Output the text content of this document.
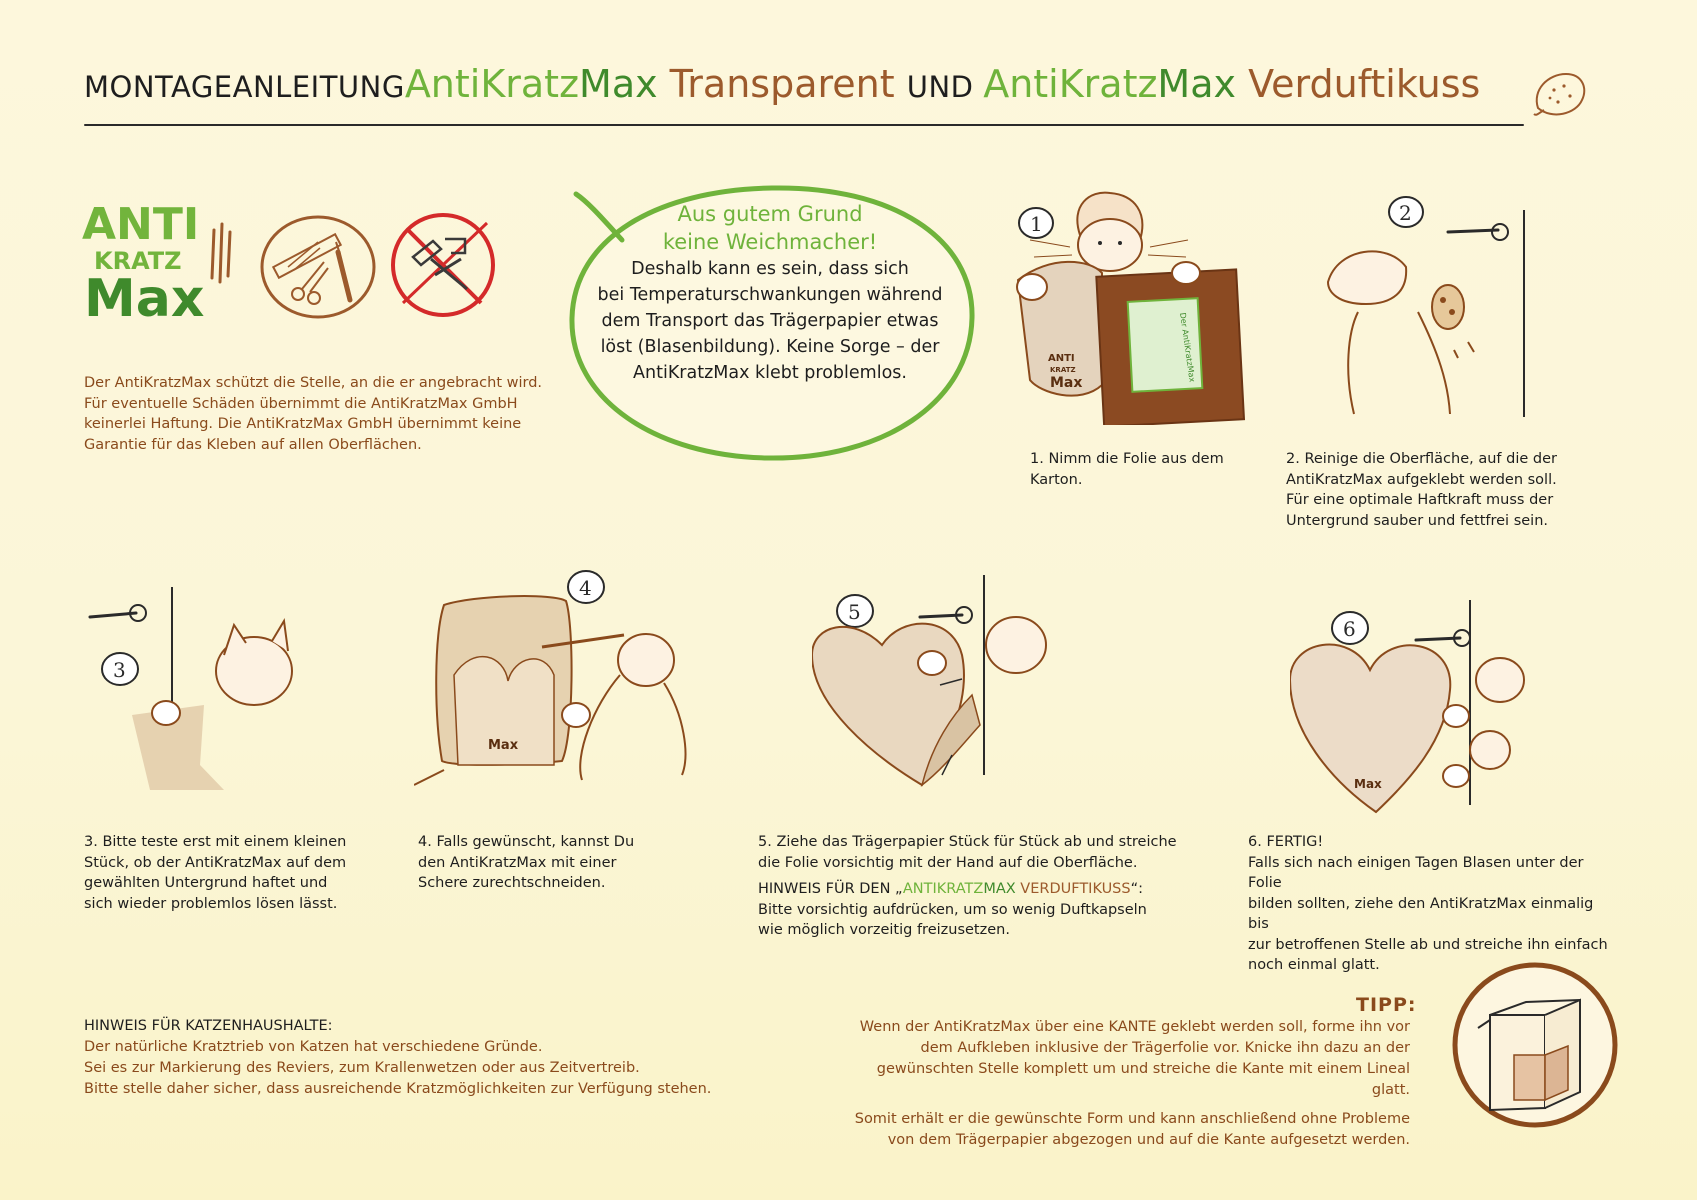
MONTAGEANLEITUNGAntiKratzMax Transparent UND AntiKratzMax Verduftikuss
ANTI
KRATZ
Max
Der AntiKratzMax schützt die Stelle, an die er angebracht wird.
Für eventuelle Schäden übernimmt die AntiKratzMax GmbH
keinerlei Haftung. Die AntiKratzMax GmbH übernimmt keine
Garantie für das Kleben auf allen Oberflächen.
Aus gutem Grund
keine Weichmacher!
Deshalb kann es sein, dass sich
bei Temperaturschwankungen während
dem Transport das Trägerpapier etwas
löst (Blasenbildung). Keine Sorge – der
AntiKratzMax klebt problemlos.
1
Der AntiKratzMax
ANTI
KRATZ
Max
1. Nimm die Folie aus dem
Karton.
2
2. Reinige die Oberfläche, auf die der
AntiKratzMax aufgeklebt werden soll.
Für eine optimale Haftkraft muss der
Untergrund sauber und fettfrei sein.
3
3. Bitte teste erst mit einem kleinen
Stück, ob der AntiKratzMax auf dem
gewählten Untergrund haftet und
sich wieder problemlos lösen lässt.
4
Max
4. Falls gewünscht, kannst Du
den AntiKratzMax mit einer
Schere zurechtschneiden.
5
5. Ziehe das Trägerpapier Stück für Stück ab und streiche
die Folie vorsichtig mit der Hand auf die Oberfläche.
HINWEIS FÜR DEN „ANTIKRATZMAX VERDUFTIKUSS“:
Bitte vorsichtig aufdrücken, um so wenig Duftkapseln
wie möglich vorzeitig freizusetzen.
6
Max
6. FERTIG!
Falls sich nach einigen Tagen Blasen unter der Folie
bilden sollten, ziehe den AntiKratzMax einmalig bis
zur betroffenen Stelle ab und streiche ihn einfach
noch einmal glatt.
HINWEIS FÜR KATZENHAUSHALTE:
Der natürliche Kratztrieb von Katzen hat verschiedene Gründe.
Sei es zur Markierung des Reviers, zum Krallenwetzen oder aus Zeitvertreib.
Bitte stelle daher sicher, dass ausreichende Kratzmöglichkeiten zur Verfügung stehen.
TIPP:
Wenn der AntiKratzMax über eine KANTE geklebt werden soll, forme ihn vor
dem Aufkleben inklusive der Trägerfolie vor. Knicke ihn dazu an der
gewünschten Stelle komplett um und streiche die Kante mit einem Lineal glatt.
Somit erhält er die gewünschte Form und kann anschließend ohne Probleme
von dem Trägerpapier abgezogen und auf die Kante aufgesetzt werden.
